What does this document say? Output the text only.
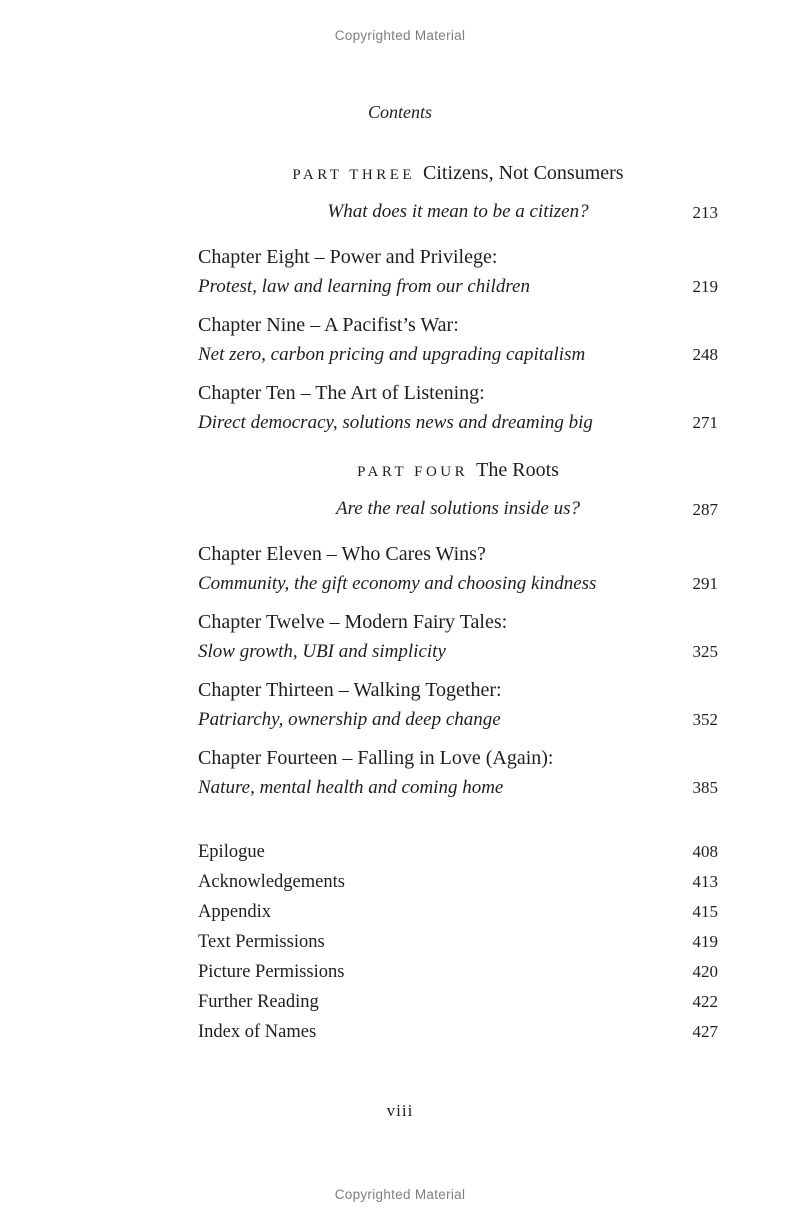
Copyrighted Material
Contents
PART THREE Citizens, Not Consumers
What does it mean to be a citizen?	213
Chapter Eight – Power and Privilege:
Protest, law and learning from our children	219
Chapter Nine – A Pacifist’s War:
Net zero, carbon pricing and upgrading capitalism	248
Chapter Ten – The Art of Listening:
Direct democracy, solutions news and dreaming big	271
PART FOUR The Roots
Are the real solutions inside us?	287
Chapter Eleven – Who Cares Wins?
Community, the gift economy and choosing kindness	291
Chapter Twelve – Modern Fairy Tales:
Slow growth, UBI and simplicity	325
Chapter Thirteen – Walking Together:
Patriarchy, ownership and deep change	352
Chapter Fourteen – Falling in Love (Again):
Nature, mental health and coming home	385
Epilogue	408
Acknowledgements	413
Appendix	415
Text Permissions	419
Picture Permissions	420
Further Reading	422
Index of Names	427
viii
Copyrighted Material
